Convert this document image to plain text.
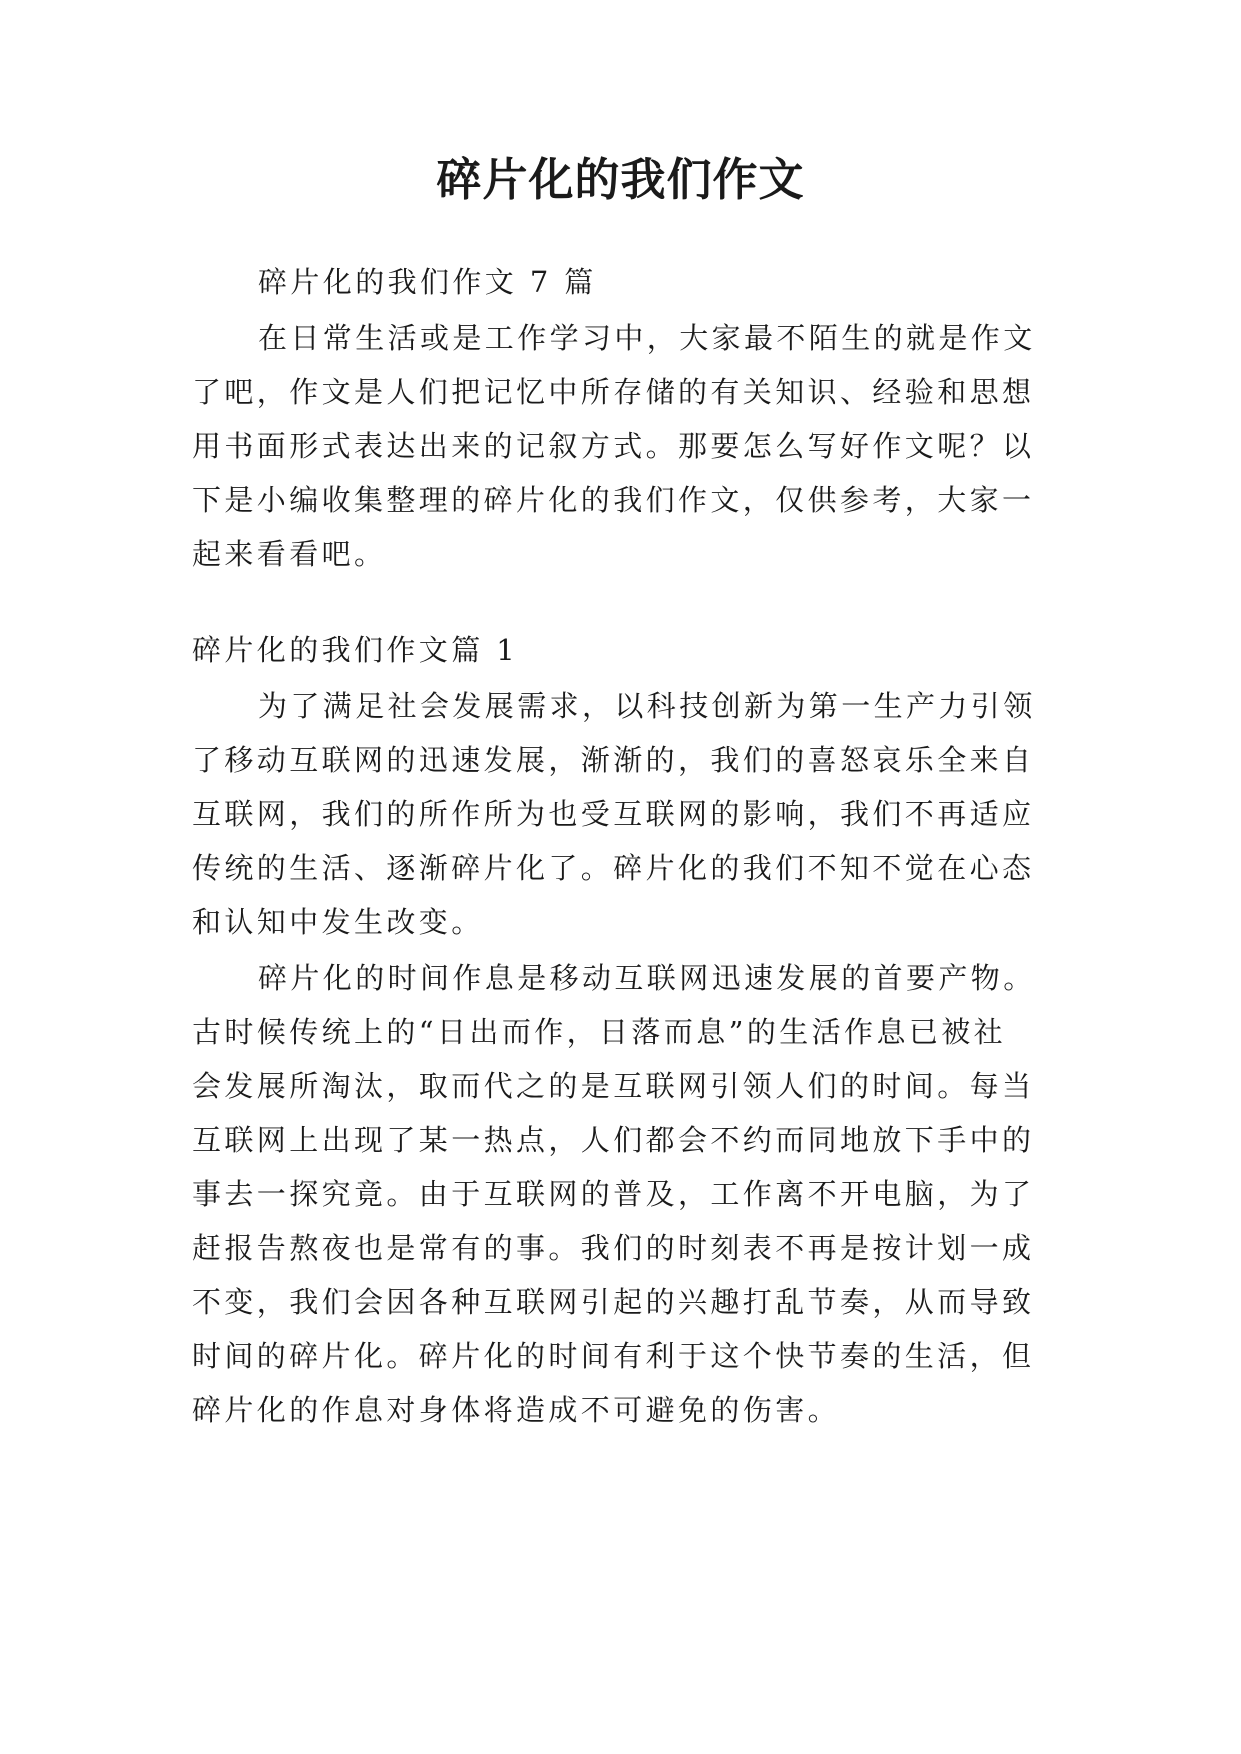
碎片化的我们作文

碎片化的我们作文 7 篇

在日常生活或是工作学习中，大家最不陌生的就是作文

了吧，作文是人们把记忆中所存储的有关知识、经验和思想

用书面形式表达出来的记叙方式。那要怎么写好作文呢？以

下是小编收集整理的碎片化的我们作文，仅供参考，大家一

起来看看吧。

碎片化的我们作文篇 1

为了满足社会发展需求，以科技创新为第一生产力引领

了移动互联网的迅速发展，渐渐的，我们的喜怒哀乐全来自

互联网，我们的所作所为也受互联网的影响，我们不再适应

传统的生活、逐渐碎片化了。碎片化的我们不知不觉在心态

和认知中发生改变。

碎片化的时间作息是移动互联网迅速发展的首要产物。

古时候传统上的“日出而作，日落而息”的生活作息已被社

会发展所淘汰，取而代之的是互联网引领人们的时间。每当

互联网上出现了某一热点，人们都会不约而同地放下手中的

事去一探究竟。由于互联网的普及，工作离不开电脑，为了

赶报告熬夜也是常有的事。我们的时刻表不再是按计划一成

不变，我们会因各种互联网引起的兴趣打乱节奏，从而导致

时间的碎片化。碎片化的时间有利于这个快节奏的生活，但

碎片化的作息对身体将造成不可避免的伤害。
